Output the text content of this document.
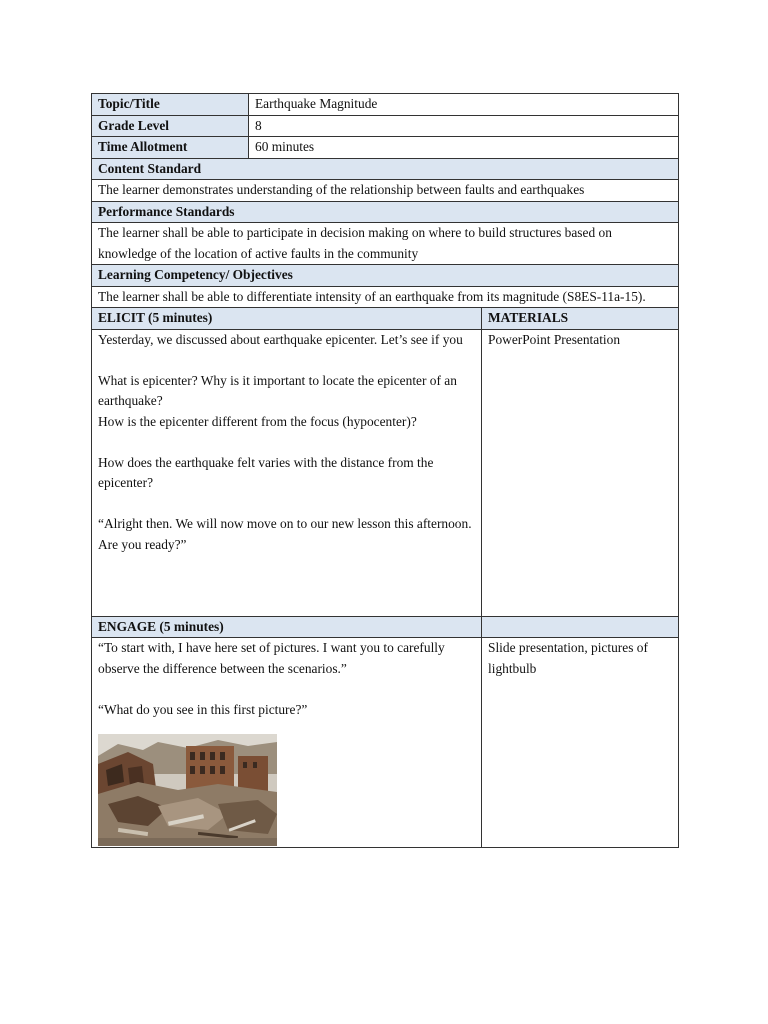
Topic/Title	Earthquake Magnitude	
Grade Level	8	
Time Allotment	60 minutes	
Content Standard		
The learner demonstrates understanding of the relationship between faults and earthquakes		
Performance Standards		
The learner shall be able to participate in decision making on where to build structures based on knowledge of the location of active faults in the community		
Learning Competency/ Objectives		
The learner shall be able to differentiate intensity of an earthquake from its magnitude (S8ES-11a-15).		
ELICIT (5 minutes)		MATERIALS

Yesterday, we discussed about earthquake epicenter. Let’s see if you
What is epicenter? Why is it important to locate the epicenter of an earthquake?
How is the epicenter different from the focus (hypocenter)?
How does the earthquake felt varies with the distance from the epicenter?
“Alright then. We will now move on to our new lesson this afternoon. Are you ready?”		PowerPoint Presentation
ENGAGE (5 minutes)		

“To start with, I have here set of pictures. I want you to carefully observe the difference between the scenarios.”
“What do you see in this first picture?”		Slide presentation, pictures of lightbulb
